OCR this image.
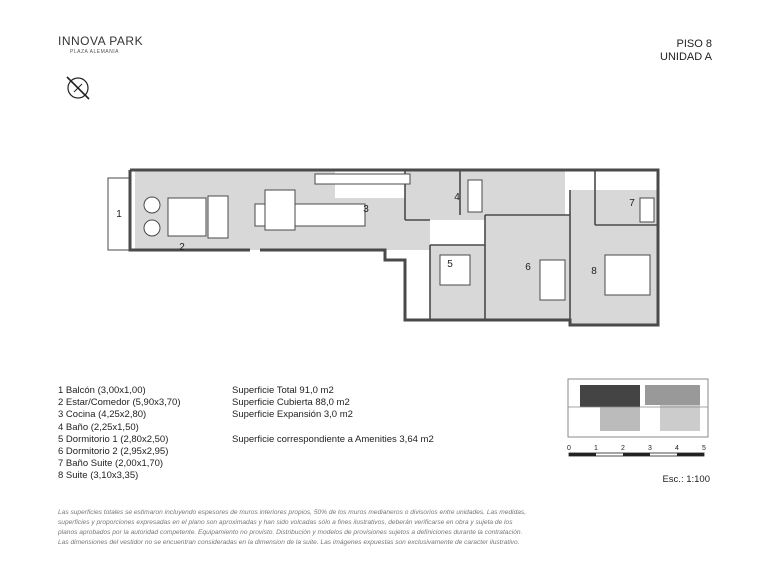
INNOVA PARK
PLAZA ALEMANIA
PISO 8
UNIDAD A
1
2
3
4
5	6
7
8
1 Balcón (3,00x1,00)
2 Estar/Comedor (5,90x3,70)
3 Cocina (4,25x2,80)
4 Baño (2,25x1,50)
5 Dormitorio 1 (2,80x2,50)
6 Dormitorio 2 (2,95x2,95)
7 Baño Suite (2,00x1,70)
8 Suite (3,10x3,35)
Superficie Total 91,0 m2
Superficie Cubierta 88,0 m2
Superficie Expansión 3,0 m2
Superficie correspondiente a Amenities 3,64 m2
0	1	2	3	4	5
Esc.: 1:100
Las superficies totales se estimaron incluyendo espesores de muros interiores propios, 50% de los muros medianeros o divisorios entre unidades. Las medidas,
superficies y proporciones expresadas en el plano son aproximadas y han sido volcadas sólo a fines ilustrativos, deberán verificarse en obra y sujeta de los
planos aprobados por la autoridad competente. Equipamiento no provisto. Distribución y modelos de provisiones sujetos a definiciones durante la contratación.
Las dimensiones del vestidor no se encuentran consideradas en la dimension de la suite. Las imágenes expuestas son exclusivamente de caracter ilustrativo.
